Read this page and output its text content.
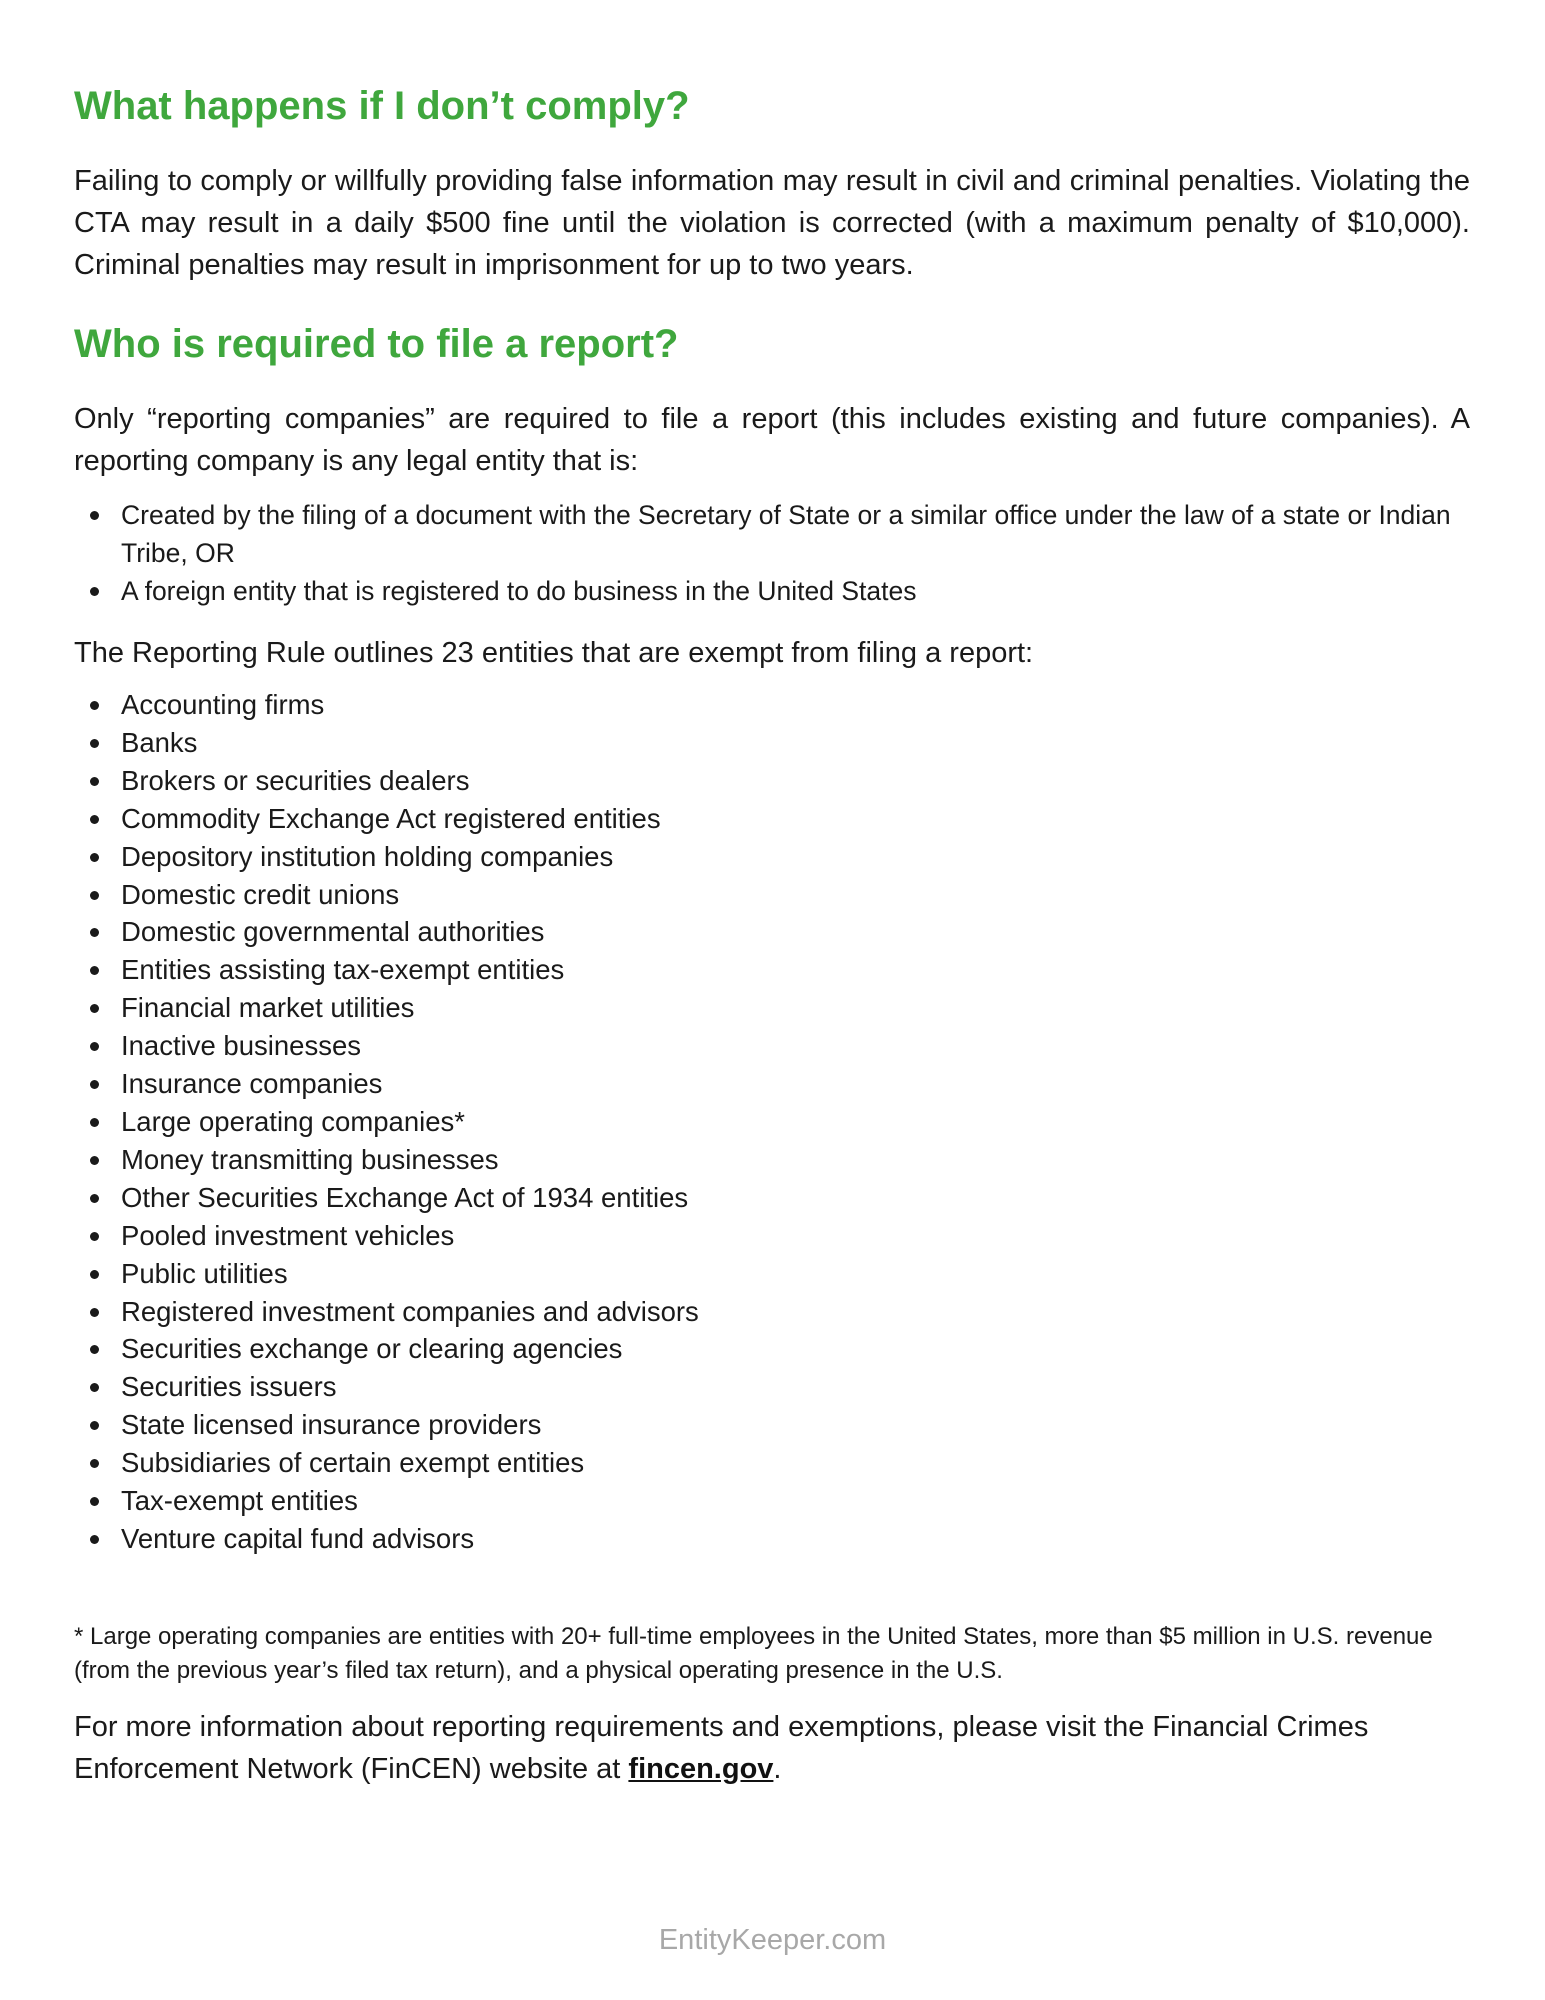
What happens if I don’t comply?

Failing to comply or willfully providing false information may result in civil and criminal penalties. Violating the CTA may result in a daily $500 fine until the violation is corrected (with a maximum penalty of $10,000). Criminal penalties may result in imprisonment for up to two years.

Who is required to file a report?

Only “reporting companies” are required to file a report (this includes existing and future companies). A reporting company is any legal entity that is:

Created by the filing of a document with the Secretary of State or a similar office under the law of a state or Indian Tribe, OR
A foreign entity that is registered to do business in the United States

The Reporting Rule outlines 23 entities that are exempt from filing a report:

Accounting firms
Banks
Brokers or securities dealers
Commodity Exchange Act registered entities
Depository institution holding companies
Domestic credit unions
Domestic governmental authorities
Entities assisting tax-exempt entities
Financial market utilities
Inactive businesses
Insurance companies
Large operating companies*
Money transmitting businesses
Other Securities Exchange Act of 1934 entities
Pooled investment vehicles
Public utilities
Registered investment companies and advisors
Securities exchange or clearing agencies
Securities issuers
State licensed insurance providers
Subsidiaries of certain exempt entities
Tax-exempt entities
Venture capital fund advisors

* Large operating companies are entities with 20+ full-time employees in the United States, more than $5 million in U.S. revenue (from the previous year’s filed tax return), and a physical operating presence in the U.S.

For more information about reporting requirements and exemptions, please visit the Financial Crimes Enforcement Network (FinCEN) website at fincen.gov.

EntityKeeper.com
